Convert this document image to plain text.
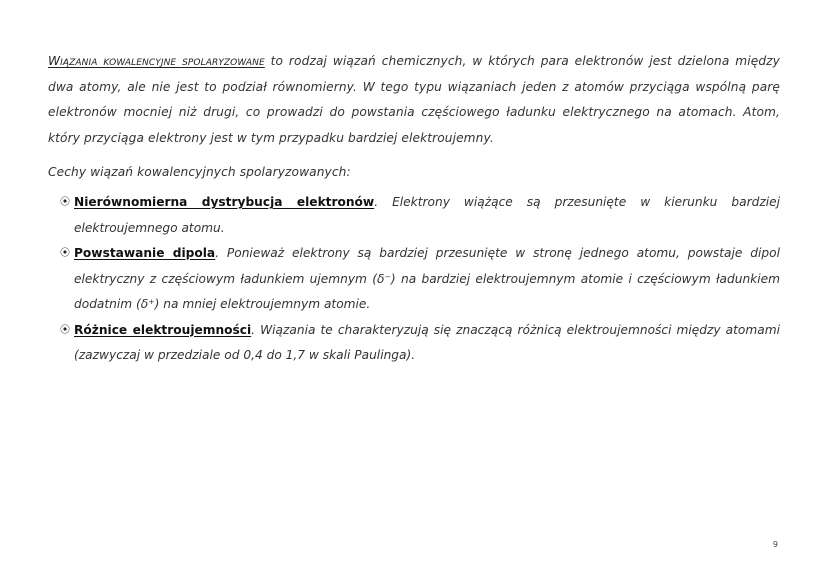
Wiązania kowalencyjne spolaryzowane to rodzaj wiązań chemicznych, w których para elektronów jest dzielona między dwa atomy, ale nie jest to podział równomierny. W tego typu wiązaniach jeden z atomów przyciąga wspólną parę elektronów mocniej niż drugi, co prowadzi do powstania częściowego ładunku elektrycznego na atomach. Atom, który przyciąga elektrony jest w tym przypadku bardziej elektroujemny.

Cechy wiązań kowalencyjnych spolaryzowanych:

⦿ Nierównomierna dystrybucja elektronów. Elektrony wiążące są przesunięte w kierunku bardziej elektroujemnego atomu.
⦿ Powstawanie dipola. Ponieważ elektrony są bardziej przesunięte w stronę jednego atomu, powstaje dipol elektryczny z częściowym ładunkiem ujemnym (δ⁻) na bardziej elektroujemnym atomie i częściowym ładunkiem dodatnim (δ⁺) na mniej elektroujemnym atomie.
⦿ Różnice elektroujemności. Wiązania te charakteryzują się znaczącą różnicą elektroujemności między atomami (zazwyczaj w przedziale od 0,4 do 1,7 w skali Paulinga).
9
